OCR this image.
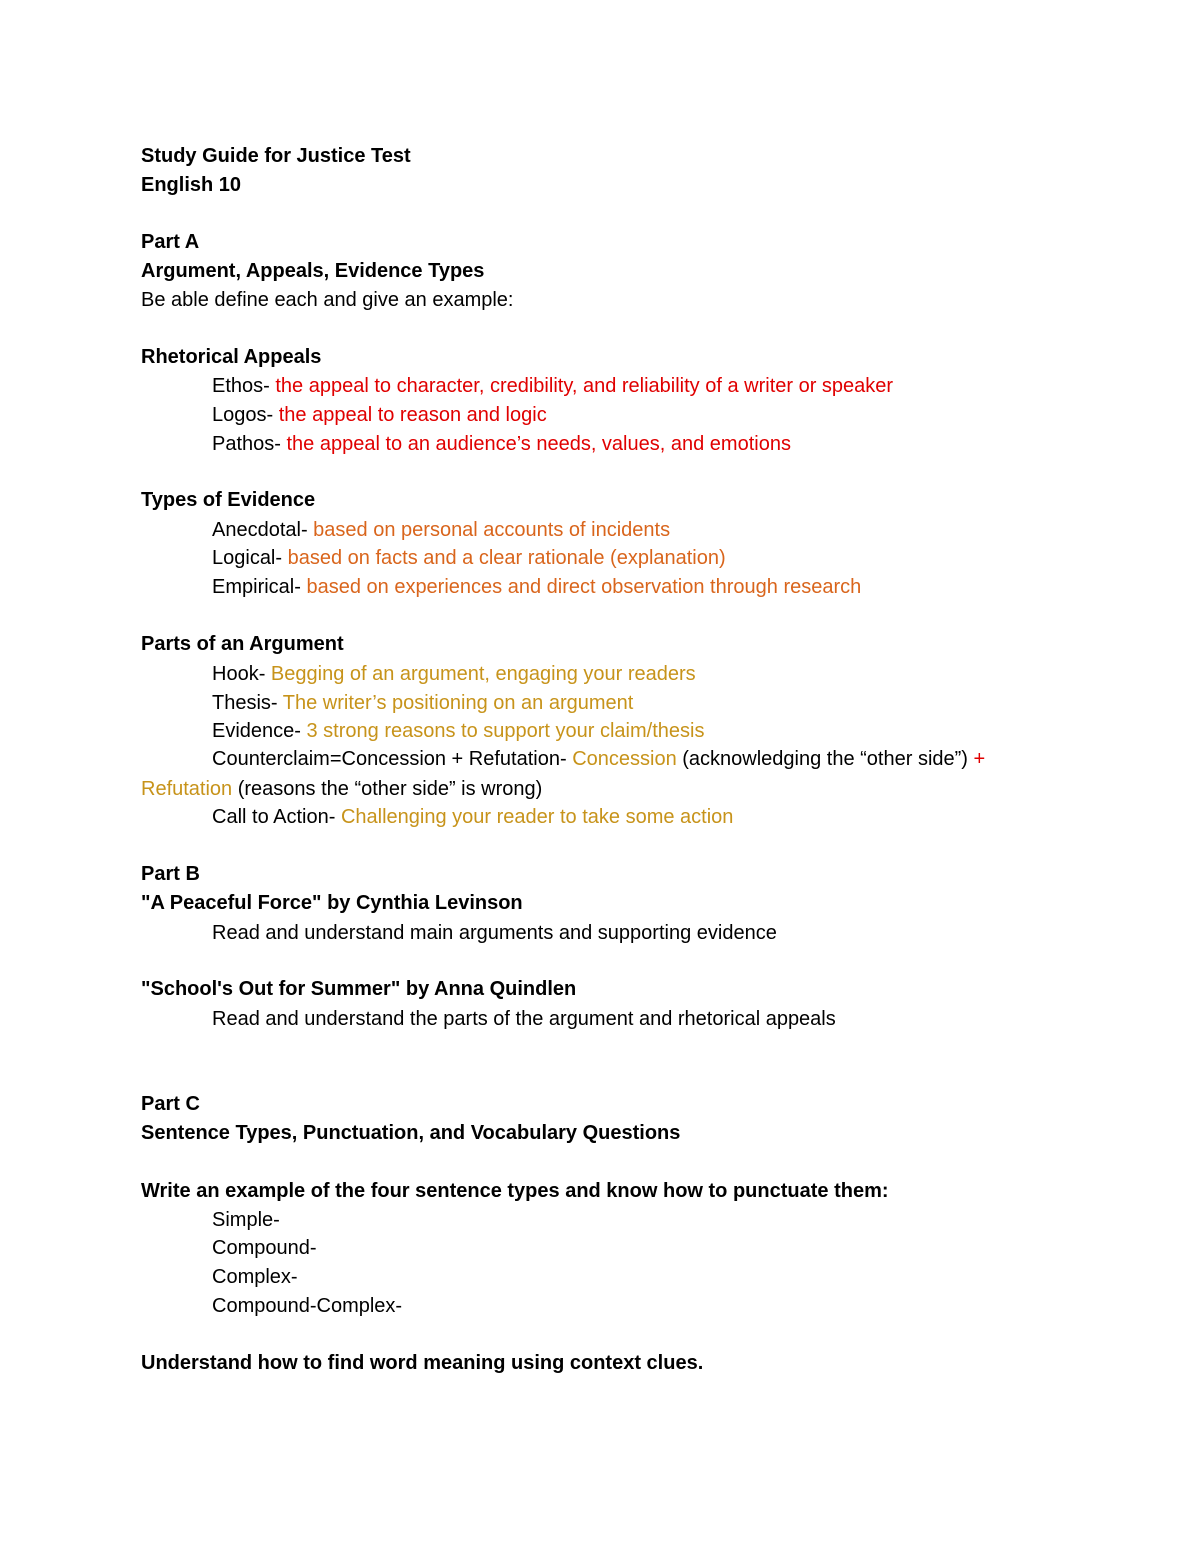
Study Guide for Justice Test
English 10
Part A
Argument, Appeals, Evidence Types
Be able define each and give an example:
Rhetorical Appeals
Ethos- the appeal to character, credibility, and reliability of a writer or speaker
Logos- the appeal to reason and logic
Pathos- the appeal to an audience’s needs, values, and emotions
Types of Evidence
Anecdotal- based on personal accounts of incidents
Logical- based on facts and a clear rationale (explanation)
Empirical- based on experiences and direct observation through research
Parts of an Argument
Hook- Begging of an argument, engaging your readers
Thesis- The writer’s positioning on an argument
Evidence- 3 strong reasons to support your claim/thesis
Counterclaim=Concession + Refutation- Concession (acknowledging the “other side”) +
Refutation (reasons the “other side” is wrong)
Call to Action- Challenging your reader to take some action
Part B
"A Peaceful Force" by Cynthia Levinson
Read and understand main arguments and supporting evidence
"School's Out for Summer" by Anna Quindlen
Read and understand the parts of the argument and rhetorical appeals
Part C
Sentence Types, Punctuation, and Vocabulary Questions
Write an example of the four sentence types and know how to punctuate them:
Simple-
Compound-
Complex-
Compound-Complex-
Understand how to find word meaning using context clues.
